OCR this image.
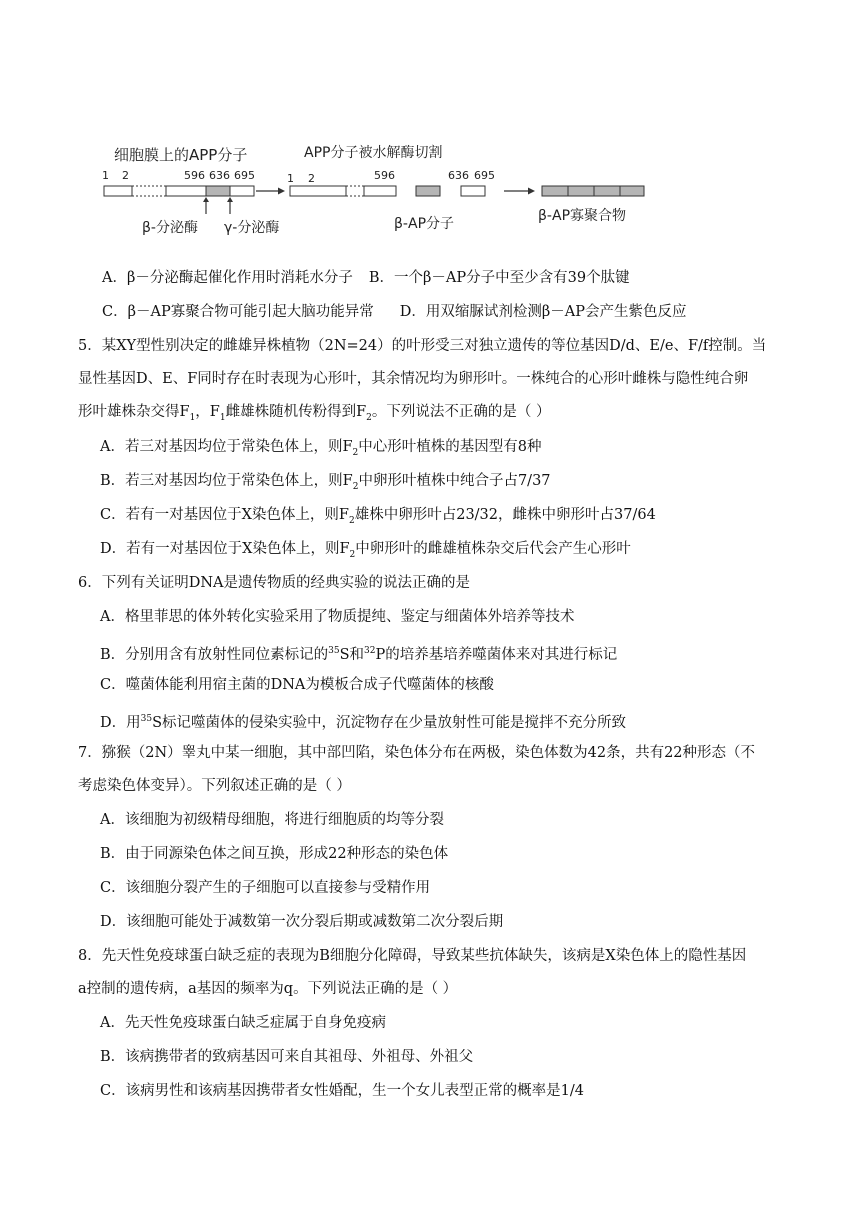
细胞膜上的APP分子	APP分子被水解酶切割
1 2	596 636 695
β-分泌酶 γ-分泌酶
1 2	596	636 695
β-AP分子	β-AP寡聚合物
A．β－分泌酶起催化作用时消耗水分子 B．一个β－AP分子中至少含有39个肽键
C．β－AP寡聚合物可能引起大脑功能异常 D．用双缩脲试剂检测β－AP会产生紫色反应
5．某XY型性别决定的雌雄异株植物（2N=24）的叶形受三对独立遗传的等位基因D/d、E/e、F/f控制。当
显性基因D、E、F同时存在时表现为心形叶，其余情况均为卵形叶。一株纯合的心形叶雌株与隐性纯合卵
形叶雄株杂交得$F_1$，$F_1$雌雄株随机传粉得到$F_2$。下列说法不正确的是（ ）
A．若三对基因均位于常染色体上，则$F_2$中心形叶植株的基因型有8种
B．若三对基因均位于常染色体上，则$F_2$中卵形叶植株中纯合子占7/37
C．若有一对基因位于X染色体上，则$F_2$雄株中卵形叶占23/32，雌株中卵形叶占37/64
D．若有一对基因位于X染色体上，则$F_2$中卵形叶的雌雄植株杂交后代会产生心形叶
6．下列有关证明DNA是遗传物质的经典实验的说法正确的是
A．格里菲思的体外转化实验采用了物质提纯、鉴定与细菌体外培养等技术
B．分别用含有放射性同位素标记的$^{35}$S和$^{32}$P的培养基培养噬菌体来对其进行标记
C．噬菌体能利用宿主菌的DNA为模板合成子代噬菌体的核酸
D．用$^{35}$S标记噬菌体的侵染实验中，沉淀物存在少量放射性可能是搅拌不充分所致
7．猕猴（2N）睾丸中某一细胞，其中部凹陷，染色体分布在两极，染色体数为42条，共有22种形态（不
考虑染色体变异）。下列叙述正确的是（ ）
A．该细胞为初级精母细胞，将进行细胞质的均等分裂
B．由于同源染色体之间互换，形成22种形态的染色体
C．该细胞分裂产生的子细胞可以直接参与受精作用
D．该细胞可能处于减数第一次分裂后期或减数第二次分裂后期
8．先天性免疫球蛋白缺乏症的表现为B细胞分化障碍，导致某些抗体缺失，该病是X染色体上的隐性基因
a控制的遗传病，a基因的频率为q。下列说法正确的是（ ）
A．先天性免疫球蛋白缺乏症属于自身免疫病
B．该病携带者的致病基因可来自其祖母、外祖母、外祖父
C．该病男性和该病基因携带者女性婚配，生一个女儿表型正常的概率是1/4
